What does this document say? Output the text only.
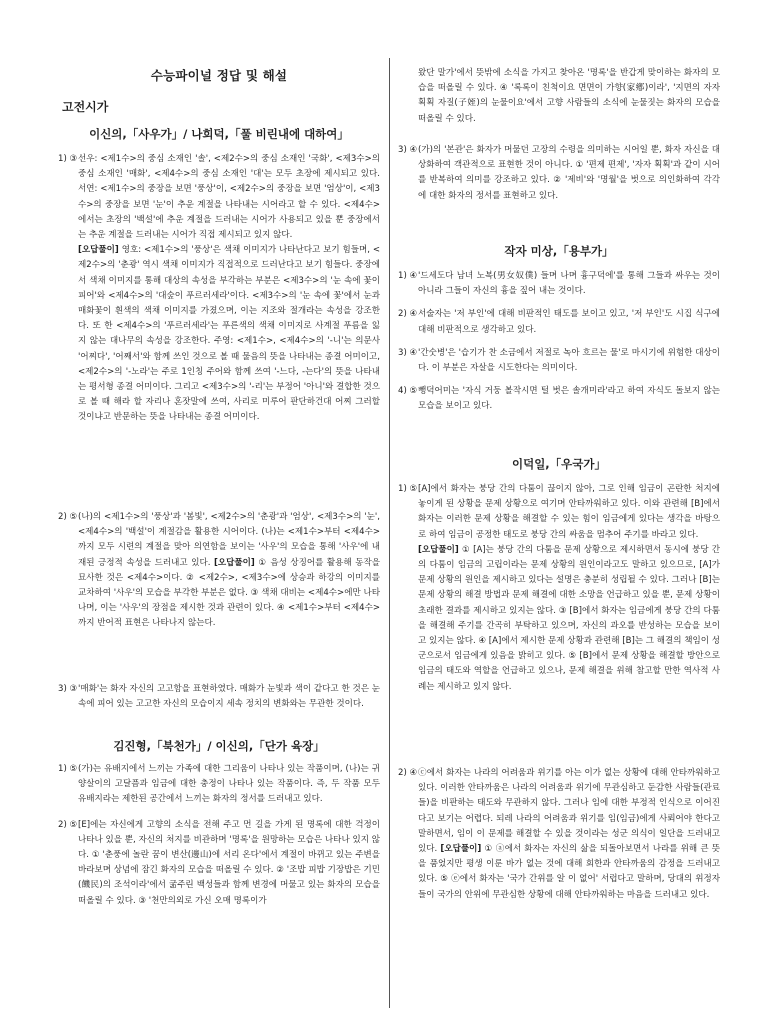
수능파이널 정답 및 해설
고전시가

이신의,「사우가」/ 나희덕,「풀 비린내에 대하여」

1) ③ 선우: <제1수>의 중심 소재인 '솔', <제2수>의 중심 소재인 '국화', <제3수>의 중심 소재인 '매화', <제4수>의 중심 소재인 '대'는 모두 초장에 제시되고 있다. 서연: <제1수>의 중장을 보면 '풍상'이, <제2수>의 중장을 보면 '엄상'이, <제3수>의 중장을 보면 '눈'이 추운 계절을 나타내는 시어라고 할 수 있다. <제4수>에서는 초장의 '백설'에 추운 계절을 드러내는 시어가 사용되고 있을 뿐 중장에서는 추운 계절을 드러내는 시어가 직접 제시되고 있지 않다.
[오답풀이] 영호: <제1수>의 '풍상'은 색채 이미지가 나타난다고 보기 힘들며, <제2수>의 '춘광' 역시 색채 이미지가 직접적으로 드러난다고 보기 힘들다. 중장에서 색채 이미지를 통해 대상의 속성을 부각하는 부분은 <제3수>의 '눈 속에 꽃이 피어'와 <제4수>의 '대숲이 푸르러세라'이다. <제3수>의 '눈 속에 꽃'에서 눈과 매화꽃이 흰색의 색채 이미지를 가졌으며, 이는 지조와 절개라는 속성을 강조한다. 또 한 <제4수>의 '푸르러세라'는 푸른색의 색채 이미지로 사계절 푸름을 잃지 않는 대나무의 속성을 강조한다. 주영: <제1수>, <제4수>의 '-니'는 의문사 '어찌다', '어째서'와 함께 쓰인 것으로 볼 때 물음의 뜻을 나타내는 종결 어미이고, <제2수>의 '-노라'는 주로 1인칭 주어와 함께 쓰여 '-느다, -는다'의 뜻을 나타내는 평서형 종결 어미이다. 그리고 <제3수>의 '-리'는 부정어 '아니'와 결합한 것으로 볼 때 해라 할 자리나 혼잣말에 쓰여, 사리로 미루어 판단하건대 어찌 그러할 것이냐고 반문하는 뜻을 나타내는 종결 어미이다.
2) ⑤ (나)의 <제1수>의 '풍상'과 '봄빛', <제2수>의 '춘광'과 '엄상', <제3수>의 '눈', <제4수>의 '백설'이 계절감을 활용한 시어이다. (나)는 <제1수>부터 <제4수>까지 모두 시련의 계절을 맞아 의연함을 보이는 '사우'의 모습을 통해 '사우'에 내재된 긍정적 속성을 드러내고 있다. [오답풀이] ① 음성 상징어를 활용해 동작을 묘사한 것은 <제4수>이다. ② <제2수>, <제3수>에 상승과 하강의 이미지를 교차하여 '사우'의 모습을 부각한 부분은 없다. ③ 색채 대비는 <제4수>에만 나타나며, 이는 '사우'의 장점을 제시한 것과 관련이 있다. ④ <제1수>부터 <제4수>까지 반어적 표현은 나타나지 않는다.
3) ③ '매화'는 화자 자신의 고고함을 표현하였다. 매화가 눈빛과 색이 같다고 한 것은 눈 속에 피어 있는 고고한 자신의 모습이지 세속 정치의 변화와는 무관한 것이다.

김진형,「북천가」/ 이신의,「단가 육장」

1) ⑤ (가)는 유배지에서 느끼는 가족에 대한 그리움이 나타나 있는 작품이며, (나)는 귀양살이의 고달픔과 임금에 대한 충정이 나타나 있는 작품이다. 즉, 두 작품 모두 유배지라는 제한된 공간에서 느끼는 화자의 정서를 드러내고 있다.
2) ⑤ [E]에는 자신에게 고향의 소식을 전해 주고 먼 길을 가게 된 명록에 대한 걱정이 나타나 있을 뿐, 자신의 처지를 비관하며 '명록'을 원망하는 모습은 나타나 있지 않다. ① '춘풍에 놀란 꿈이 변산(邊山)에 서리 온다'에서 계절이 바뀌고 있는 주변을 바라보며 상념에 잠긴 화자의 모습을 떠올릴 수 있다. ② '조밥 피밥 기장밥은 기민(饑民)의 조석이라'에서 굶주린 백성들과 함께 변경에 머물고 있는 화자의 모습을 떠올릴 수 있다. ③ '천만의외로 가신 오매 명록이가
왔단 말가'에서 뜻밖에 소식을 가지고 찾아온 '명록'을 반갑게 맞이하는 화자의 모습을 떠올릴 수 있다. ④ '록록이 친척이요 면면이 가향(家鄕)이라', '지면의 자자 획획 자질(子姪)의 눈물이요'에서 고향 사람들의 소식에 눈물짓는 화자의 모습을 떠올릴 수 있다.
3) ④ (가)의 '본관'은 화자가 머물던 고장의 수령을 의미하는 시어일 뿐, 화자 자신을 대상화하여 객관적으로 표현한 것이 아니다. ① '편제 편제', '자자 획획'과 같이 시어를 반복하여 의미를 강조하고 있다. ② '제비'와 '명월'을 벗으로 의인화하여 각각에 대한 화자의 정서를 표현하고 있다.

작자 미상,「용부가」

1) ④ '드세도다 남녀 노복(男女奴僕) 들며 나며 흉구덕에'를 통해 그들과 싸우는 것이 아니라 그들이 자신의 흉을 짚어 내는 것이다.
2) ④ 서술자는 '저 부인'에 대해 비판적인 태도를 보이고 있고, '저 부인'도 시집 식구에 대해 비판적으로 생각하고 있다.
3) ④ '간숫병'은 '습기가 찬 소금에서 저절로 녹아 흐르는 물'로 마시기에 위험한 대상이다. 이 부분은 자살을 시도한다는 의미이다.
4) ⑤ 뺑덕어미는 '자식 거둥 볼작시면 털 벗은 솔개미라'라고 하여 자식도 돌보지 않는 모습을 보이고 있다.

이덕일,「우국가」

1) ⑤ [A]에서 화자는 붕당 간의 다툼이 끊이지 않아, 그로 인해 임금이 곤란한 처지에 놓이게 된 상황을 문제 상황으로 여기며 안타까워하고 있다. 이와 관련해 [B]에서 화자는 이러한 문제 상황을 해결할 수 있는 힘이 임금에게 있다는 생각을 바탕으로 하여 임금이 공정한 태도로 붕당 간의 싸움을 멈추어 주기를 바라고 있다.
[오답풀이] ① [A]는 붕당 간의 다툼을 문제 상황으로 제시하면서 동시에 붕당 간의 다툼이 임금의 고립이라는 문제 상황의 원인이라고도 말하고 있으므로, [A]가 문제 상황의 원인을 제시하고 있다는 설명은 충분히 성립될 수 있다. 그러나 [B]는 문제 상황의 해결 방법과 문제 해결에 대한 소망을 언급하고 있을 뿐, 문제 상황이 초래한 결과를 제시하고 있지는 않다. ③ [B]에서 화자는 임금에게 붕당 간의 다툼을 해결해 주기를 간곡히 부탁하고 있으며, 자신의 과오를 반성하는 모습을 보이고 있지는 않다. ④ [A]에서 제시한 문제 상황과 관련해 [B]는 그 해결의 책임이 성군으로서 임금에게 있음을 밝히고 있다. ⑤ [B]에서 문제 상황을 해결할 방안으로 임금의 태도와 역할을 언급하고 있으나, 문제 해결을 위해 참고할 만한 역사적 사례는 제시하고 있지 않다.
2) ④ ⓒ에서 화자는 나라의 어려움과 위기를 아는 이가 없는 상황에 대해 안타까워하고 있다. 이러한 안타까움은 나라의 어려움과 위기에 무관심하고 둔감한 사람들(관료들)을 비판하는 태도와 무관하지 않다. 그러나 임에 대한 부정적 인식으로 이어진다고 보기는 어렵다. 되레 나라의 어려움과 위기를 임(임금)에게 사뢰어야 한다고 말하면서, 임이 이 문제를 해결할 수 있을 것이라는 성군 의식이 일단을 드러내고 있다. [오답풀이] ① ⓐ에서 화자는 자신의 삶을 되돌아보면서 나라를 위해 큰 뜻을 품었지만 평생 이룬 바가 없는 것에 대해 회한과 안타까움의 감정을 드러내고 있다. ⑤ ⓔ에서 화자는 '국가 간위를 알 이 없어' 서럽다고 말하며, 당대의 위정자들이 국가의 안위에 무관심한 상황에 대해 안타까워하는 마음을 드러내고 있다.
